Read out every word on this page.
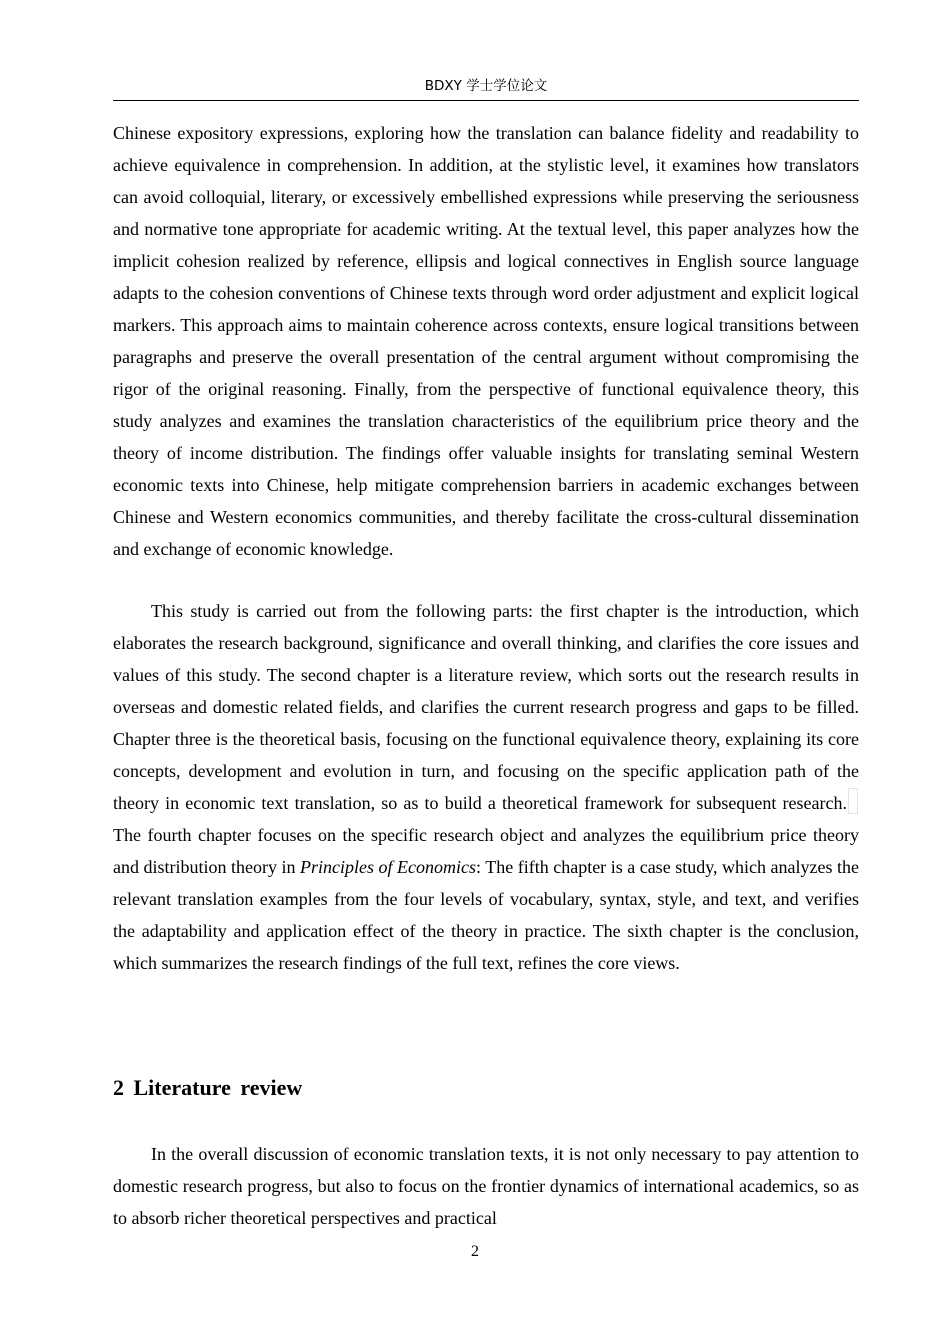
BDXY 学士学位论文

Chinese expository expressions, exploring how the translation can balance fidelity and readability to achieve equivalence in comprehension. In addition, at the stylistic level, it examines how translators can avoid colloquial, literary, or excessively embellished expressions while preserving the seriousness and normative tone appropriate for academic writing. At the textual level, this paper analyzes how the implicit cohesion realized by reference, ellipsis and logical connectives in English source language adapts to the cohesion conventions of Chinese texts through word order adjustment and explicit logical markers. This approach aims to maintain coherence across contexts, ensure logical transitions between paragraphs and preserve the overall presentation of the central argument without compromising the rigor of the original reasoning. Finally, from the perspective of functional equivalence theory, this study analyzes and examines the translation characteristics of the equilibrium price theory and the theory of income distribution. The findings offer valuable insights for translating seminal Western economic texts into Chinese, help mitigate comprehension barriers in academic exchanges between Chinese and Western economics communities, and thereby facilitate the cross-cultural dissemination and exchange of economic knowledge.

This study is carried out from the following parts: the first chapter is the introduction, which elaborates the research background, significance and overall thinking, and clarifies the core issues and values of this study. The second chapter is a literature review, which sorts out the research results in overseas and domestic related fields, and clarifies the current research progress and gaps to be filled. Chapter three is the theoretical basis, focusing on the functional equivalence theory, explaining its core concepts, development and evolution in turn, and focusing on the specific application path of the theory in economic text translation, so as to build a theoretical framework for subsequent research.The fourth chapter focuses on the specific research object and analyzes the equilibrium price theory and distribution theory in Principles of Economics: The fifth chapter is a case study, which analyzes the relevant translation examples from the four levels of vocabulary, syntax, style, and text, and verifies the adaptability and application effect of the theory in practice. The sixth chapter is the conclusion, which summarizes the research findings of the full text, refines the core views.

2 Literature review

In the overall discussion of economic translation texts, it is not only necessary to pay attention to domestic research progress, but also to focus on the frontier dynamics of international academics, so as to absorb richer theoretical perspectives and practical

2
